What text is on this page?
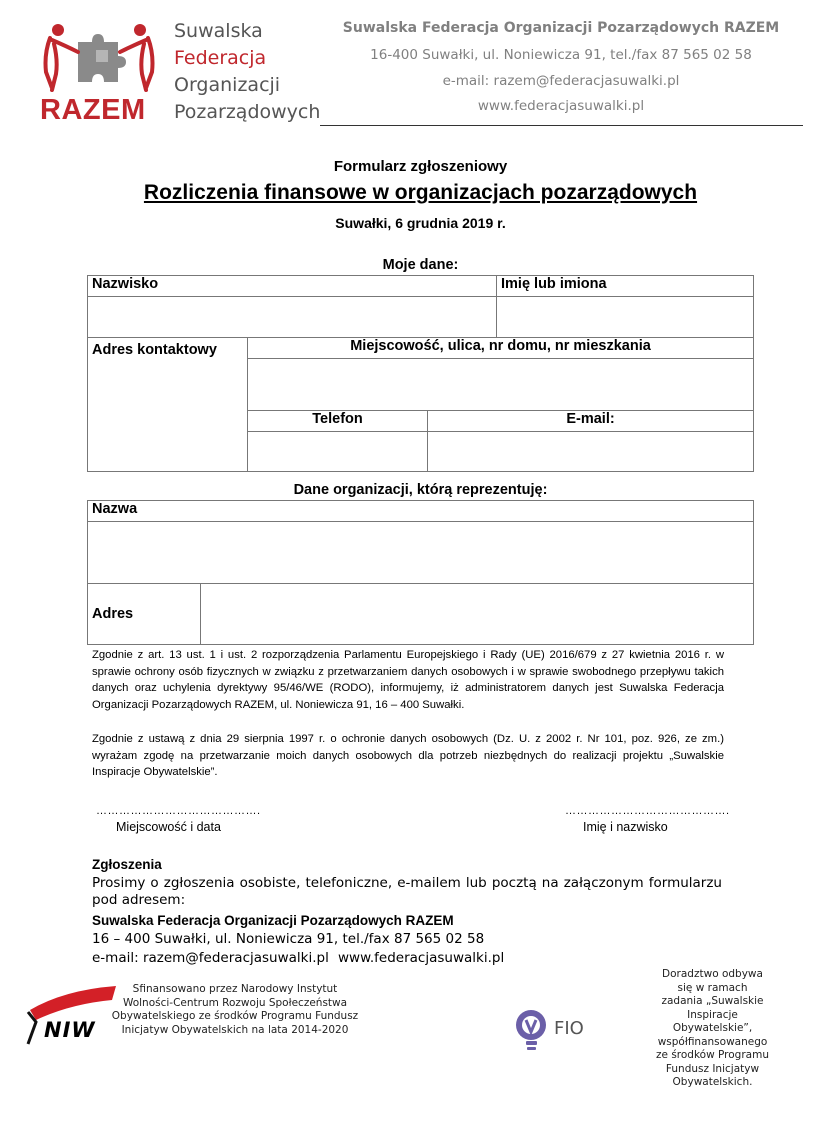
RAZEM
Suwalska
Federacja
Organizacji
Pozarządowych
Suwalska Federacja Organizacji Pozarządowych RAZEM
16-400 Suwałki, ul. Noniewicza 91, tel./fax 87 565 02 58
e-mail: razem@federacjasuwalki.pl
www.federacjasuwalki.pl
Formularz zgłoszeniowy
Rozliczenia finansowe w organizacjach pozarządowych
Suwałki, 6 grudnia 2019 r.
Moje dane:
Nazwisko	Imię lub imiona

Adres kontaktowy	Miejscowość, ulica, nr domu, nr mieszkania	

	Telefon	E-mail:

Dane organizacji, którą reprezentuję:
Nazwa

Adres	
Zgodnie z art. 13 ust. 1 i ust. 2 rozporządzenia Parlamentu Europejskiego i Rady (UE) 2016/679 z 27 kwietnia 2016 r. w sprawie ochrony osób fizycznych w związku z przetwarzaniem danych osobowych i w sprawie swobodnego przepływu takich danych oraz uchylenia dyrektywy 95/46/WE (RODO), informujemy, iż administratorem danych jest Suwalska Federacja Organizacji Pozarządowych RAZEM, ul. Noniewicza 91, 16 – 400 Suwałki.
Zgodnie z ustawą z dnia 29 sierpnia 1997 r. o ochronie danych osobowych (Dz. U. z 2002 r. Nr 101, poz. 926, ze zm.) wyrażam zgodę na przetwarzanie moich danych osobowych dla potrzeb niezbędnych do realizacji projektu „Suwalskie Inspiracje Obywatelskie”.
…………………………………….
Miejscowość i data
…………………………………….
Imię i nazwisko
Zgłoszenia
Prosimy o zgłoszenia osobiste, telefoniczne, e-mailem lub pocztą na załączonym formularzu pod adresem:
Suwalska Federacja Organizacji Pozarządowych RAZEM
16 – 400 Suwałki, ul. Noniewicza 91, tel./fax 87 565 02 58
e-mail: razem@federacjasuwalki.pl www.federacjasuwalki.pl
NIW
Sfinansowano przez Narodowy Instytut Wolności-Centrum Rozwoju Społeczeństwa Obywatelskiego ze środków Programu Fundusz Inicjatyw Obywatelskich na lata 2014-2020	FIO
Doradztwo odbywa się w ramach zadania „Suwalskie Inspiracje Obywatelskie”, współfinansowanego ze środków Programu Fundusz Inicjatyw Obywatelskich.
